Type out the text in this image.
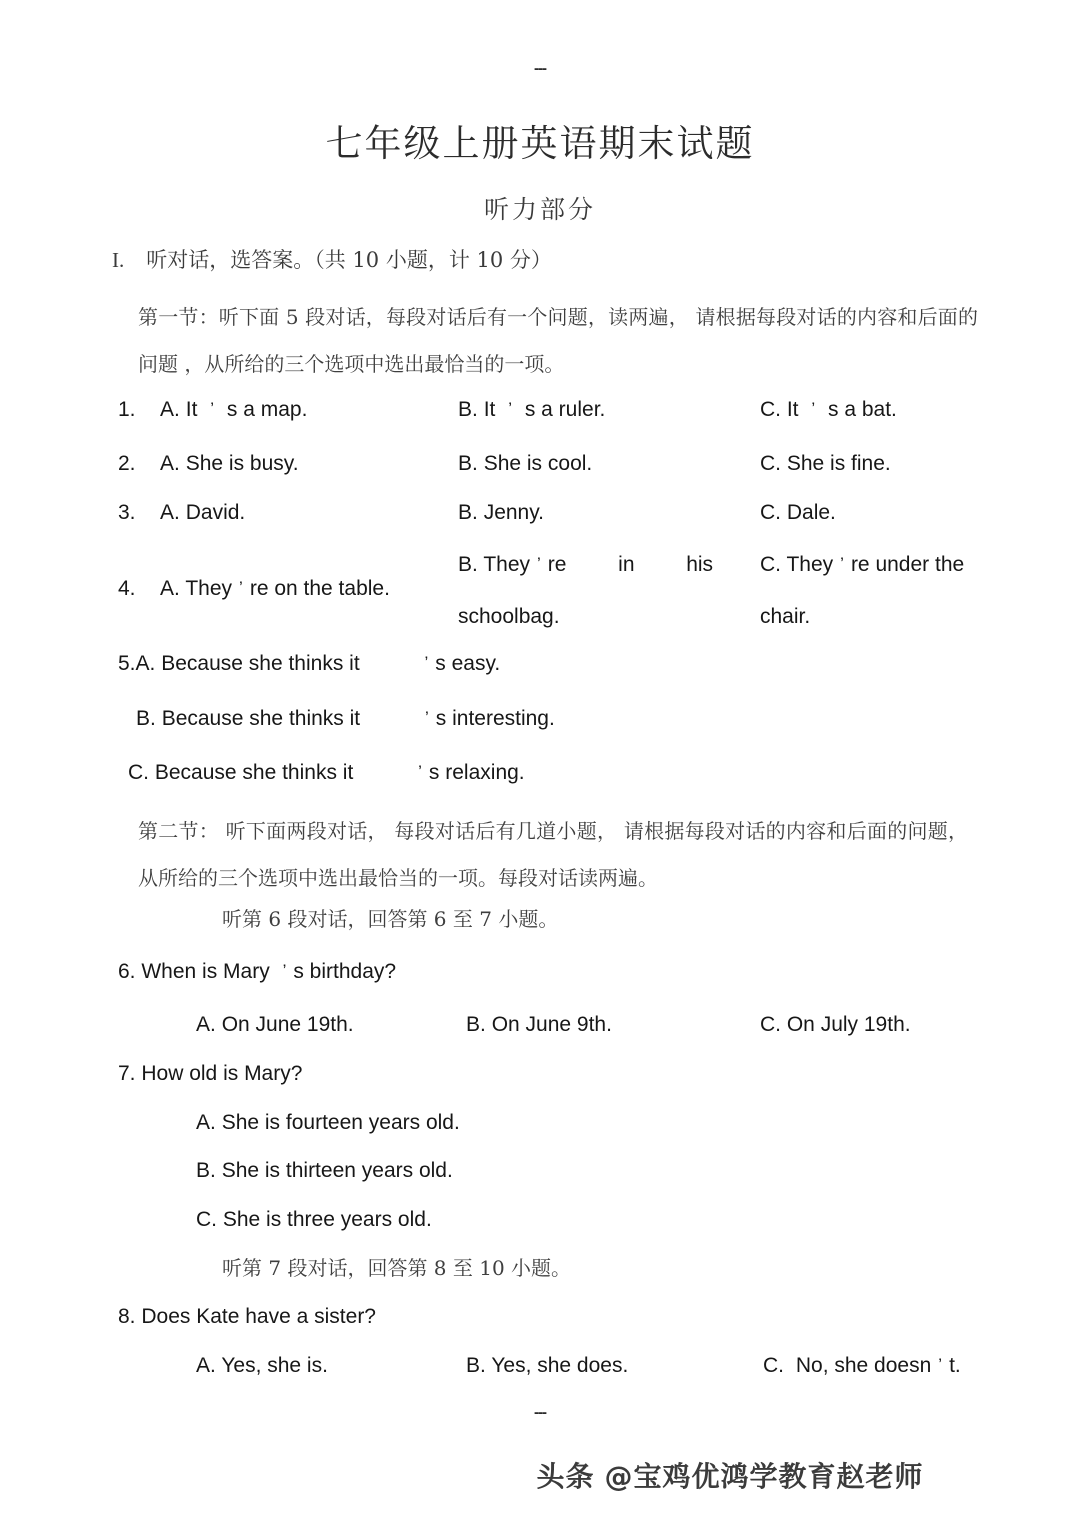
---
七年级上册英语期末试题
听力部分
I. 听对话，选答案。（共 10 小题，计 10 分）
第一节：听下面 5 段对话，每段对话后有一个问题，读两遍， 请根据每段对话的内容和后面的问题 ，从所给的三个选项中选出最恰当的一项。
1. A. It ’ s a map.	B. It ’ s a ruler.	C. It ’ s a bat.
2. A. She is busy.	B. She is cool.	C. She is fine.
3. A. David.	B. Jenny.	C. Dale.
4. A. They ’ re on the table.
B. They ’ re in his
schoolbag.
C. They ’ re under the
chair.
5.A. Because she thinks it	’ s easy.
B. Because she thinks it	’ s interesting.
C. Because she thinks it	’ s relaxing.
第二节： 听下面两段对话， 每段对话后有几道小题， 请根据每段对话的内容和后面的问题，从所给的三个选项中选出最恰当的一项。每段对话读两遍。
听第 6 段对话，回答第 6 至 7 小题。
6. When is Mary ’ s birthday?
A. On June 19th.	B. On June 9th.	C. On July 19th.
7. How old is Mary?
A. She is fourteen years old.
B. She is thirteen years old.
C. She is three years old.
听第 7 段对话，回答第 8 至 10 小题。
8. Does Kate have a sister?
A. Yes, she is.	B. Yes, she does.	C. No, she doesn ’ t.
---
头条 @宝鸡优鸿学教育赵老师
